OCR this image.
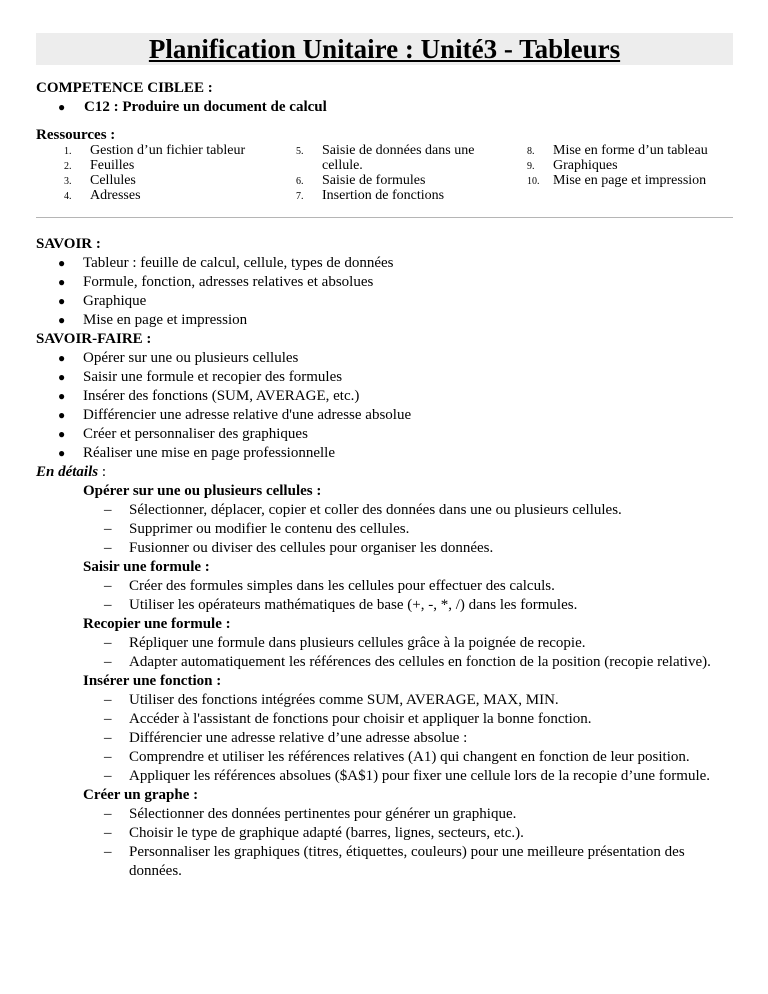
Planification Unitaire : Unité3 - Tableurs
COMPETENCE CIBLEE :
● C12 : Produire un document de calcul
Ressources :
1.	Gestion d’un fichier tableur
2.	Feuilles
3.	Cellules
4.	Adresses
5.	Saisie de données dans une cellule.
6.	Saisie de formules
7.	Insertion de fonctions
8.	Mise en forme d’un tableau
9.	Graphiques
10. Mise en page et impression
SAVOIR :
● Tableur : feuille de calcul, cellule, types de données
● Formule, fonction, adresses relatives et absolues
● Graphique
● Mise en page et impression
SAVOIR-FAIRE :
● Opérer sur une ou plusieurs cellules
● Saisir une formule et recopier des formules
● Insérer des fonctions (SUM, AVERAGE, etc.)
● Différencier une adresse relative d'une adresse absolue
● Créer et personnaliser des graphiques
● Réaliser une mise en page professionnelle
En détails :
Opérer sur une ou plusieurs cellules :
– Sélectionner, déplacer, copier et coller des données dans une ou plusieurs cellules.
– Supprimer ou modifier le contenu des cellules.
– Fusionner ou diviser des cellules pour organiser les données.
Saisir une formule :
– Créer des formules simples dans les cellules pour effectuer des calculs.
– Utiliser les opérateurs mathématiques de base (+, -, *, /) dans les formules.
Recopier une formule :
– Répliquer une formule dans plusieurs cellules grâce à la poignée de recopie.
– Adapter automatiquement les références des cellules en fonction de la position (recopie relative).
Insérer une fonction :
– Utiliser des fonctions intégrées comme SUM, AVERAGE, MAX, MIN.
– Accéder à l'assistant de fonctions pour choisir et appliquer la bonne fonction.
– Différencier une adresse relative d’une adresse absolue :
– Comprendre et utiliser les références relatives (A1) qui changent en fonction de leur position.
– Appliquer les références absolues ($A$1) pour fixer une cellule lors de la recopie d’une formule.
Créer un graphe :
– Sélectionner des données pertinentes pour générer un graphique.
– Choisir le type de graphique adapté (barres, lignes, secteurs, etc.).
– Personnaliser les graphiques (titres, étiquettes, couleurs) pour une meilleure présentation des données.
